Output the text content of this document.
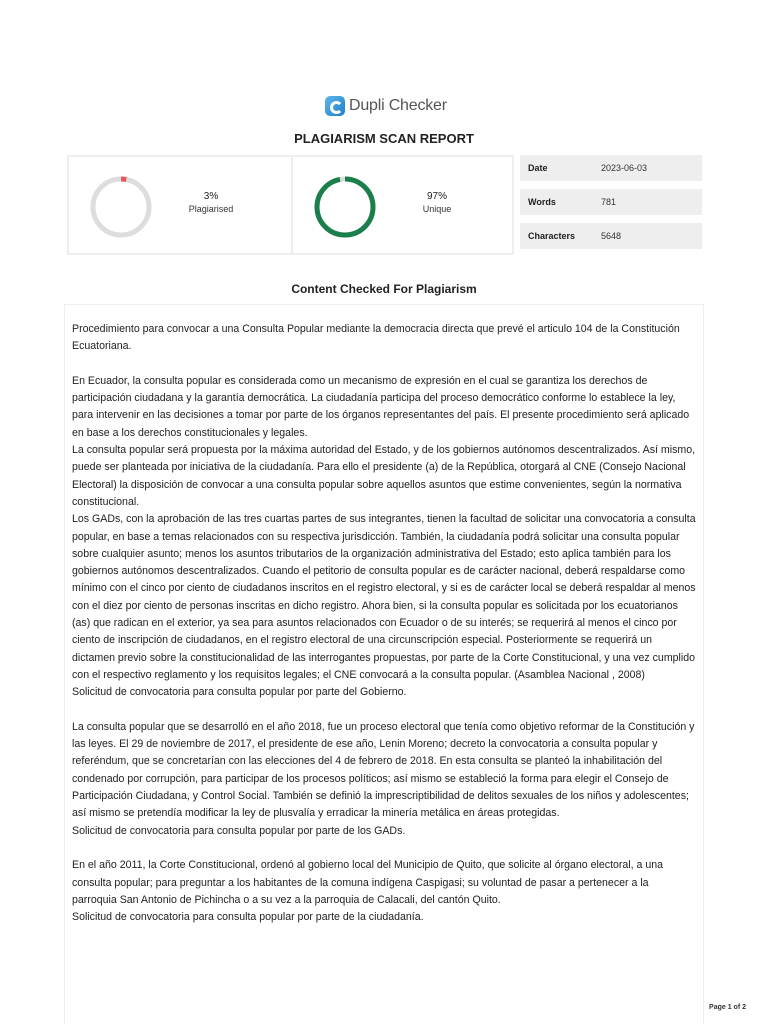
Dupli Checker
PLAGIARISM SCAN REPORT
3%
Plagiarised
97%
Unique
Date	2023-06-03
Words	781
Characters	5648
Content Checked For Plagiarism

Procedimiento para convocar a una Consulta Popular mediante la democracia directa que prevé el articulo 104 de la Constitución Ecuatoriana.

En Ecuador, la consulta popular es considerada como un mecanismo de expresión en el cual se garantiza los derechos de participación ciudadana y la garantía democrática. La ciudadanía participa del proceso democrático conforme lo establece la ley, para intervenir en las decisiones a tomar por parte de los órganos representantes del país. El presente procedimiento será aplicado en base a los derechos constitucionales y legales.
La consulta popular será propuesta por la máxima autoridad del Estado, y de los gobiernos autónomos descentralizados. Así mismo, puede ser planteada por iniciativa de la ciudadanía. Para ello el presidente (a) de la República, otorgará al CNE (Consejo Nacional Electoral) la disposición de convocar a una consulta popular sobre aquellos asuntos que estime convenientes, según la normativa constitucional.
Los GADs, con la aprobación de las tres cuartas partes de sus integrantes, tienen la facultad de solicitar una convocatoria a consulta popular, en base a temas relacionados con su respectiva jurisdicción. También, la ciudadanía podrá solicitar una consulta popular sobre cualquier asunto; menos los asuntos tributarios de la organización administrativa del Estado; esto aplica también para los gobiernos autónomos descentralizados. Cuando el petitorio de consulta popular es de carácter nacional, deberá respaldarse como mínimo con el cinco por ciento de ciudadanos inscritos en el registro electoral, y si es de carácter local se deberá respaldar al menos con el diez por ciento de personas inscritas en dicho registro. Ahora bien, si la consulta popular es solicitada por los ecuatorianos (as) que radican en el exterior, ya sea para asuntos relacionados con Ecuador o de su interés; se requerirá al menos el cinco por ciento de inscripción de ciudadanos, en el registro electoral de una circunscripción especial. Posteriormente se requerirá un dictamen previo sobre la constitucionalidad de las interrogantes propuestas, por parte de la Corte Constitucional, y una vez cumplido con el respectivo reglamento y los requisitos legales; el CNE convocará a la consulta popular. (Asamblea Nacional , 2008)
Solicitud de convocatoria para consulta popular por parte del Gobierno.

La consulta popular que se desarrolló en el año 2018, fue un proceso electoral que tenía como objetivo reformar de la Constitución y las leyes. El 29 de noviembre de 2017, el presidente de ese año, Lenin Moreno; decreto la convocatoria a consulta popular y referéndum, que se concretarían con las elecciones del 4 de febrero de 2018. En esta consulta se planteó la inhabilitación del condenado por corrupción, para participar de los procesos políticos; así mismo se estableció la forma para elegir el Consejo de Participación Ciudadana, y Control Social. También se definió la imprescriptibilidad de delitos sexuales de los niños y adolescentes; así mismo se pretendía modificar la ley de plusvalía y erradicar la minería metálica en áreas protegidas.
Solicitud de convocatoria para consulta popular por parte de los GADs.

En el año 2011, la Corte Constitucional, ordenó al gobierno local del Municipio de Quito, que solicite al órgano electoral, a una consulta popular; para preguntar a los habitantes de la comuna indígena Caspigasi; su voluntad de pasar a pertenecer a la parroquia San Antonio de Pichincha o a su vez a la parroquia de Calacali, del cantón Quito.
Solicitud de convocatoria para consulta popular por parte de la ciudadanía.

Page 1 of 2
